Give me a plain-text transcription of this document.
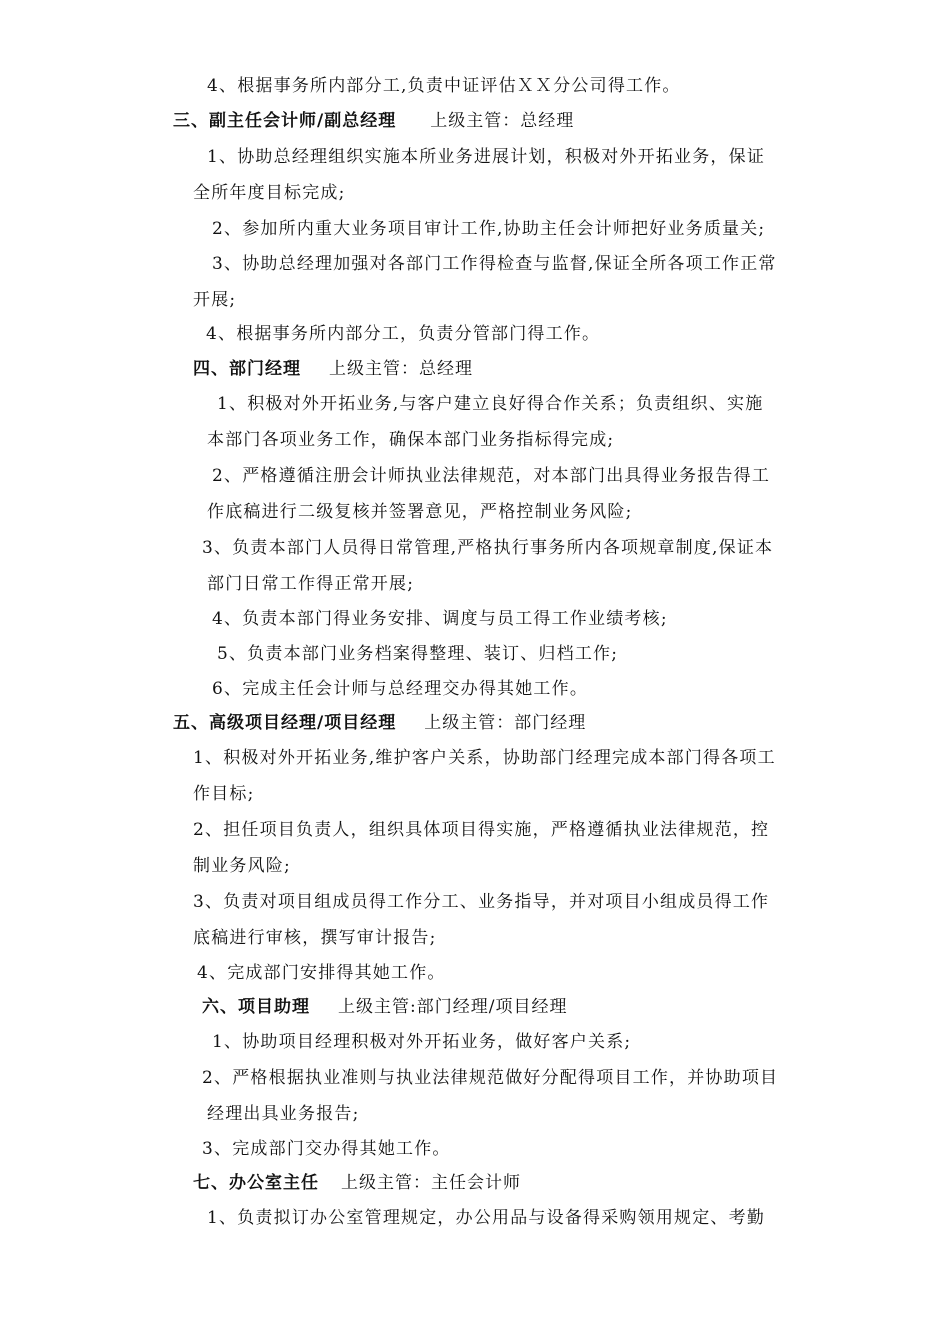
4、根据事务所内部分工,负责中证评估ＸＸ分公司得工作。
三、副主任会计师/副总经理 上级主管：总经理
1、协助总经理组织实施本所业务进展计划，积极对外开拓业务，保证
全所年度目标完成;
2、参加所内重大业务项目审计工作,协助主任会计师把好业务质量关;
3、协助总经理加强对各部门工作得检查与监督,保证全所各项工作正常
开展;
4、根据事务所内部分工，负责分管部门得工作。
四、部门经理 上级主管：总经理
1、积极对外开拓业务,与客户建立良好得合作关系；负责组织、实施
本部门各项业务工作，确保本部门业务指标得完成;
2、严格遵循注册会计师执业法律规范，对本部门出具得业务报告得工
作底稿进行二级复核并签署意见，严格控制业务风险;
3、负责本部门人员得日常管理,严格执行事务所内各项规章制度,保证本
部门日常工作得正常开展;
4、负责本部门得业务安排、调度与员工得工作业绩考核;
5、负责本部门业务档案得整理、装订、归档工作;
6、完成主任会计师与总经理交办得其她工作。
五、高级项目经理/项目经理 上级主管：部门经理
1、积极对外开拓业务,维护客户关系，协助部门经理完成本部门得各项工
作目标;
2、担任项目负责人，组织具体项目得实施，严格遵循执业法律规范，控
制业务风险;
3、负责对项目组成员得工作分工、业务指导，并对项目小组成员得工作
底稿进行审核，撰写审计报告;
4、完成部门安排得其她工作。
六、项目助理 上级主管:部门经理/项目经理
1、协助项目经理积极对外开拓业务，做好客户关系;
2、严格根据执业准则与执业法律规范做好分配得项目工作，并协助项目
经理出具业务报告;
3、完成部门交办得其她工作。
七、办公室主任 上级主管：主任会计师
1、负责拟订办公室管理规定，办公用品与设备得采购领用规定、考勤
